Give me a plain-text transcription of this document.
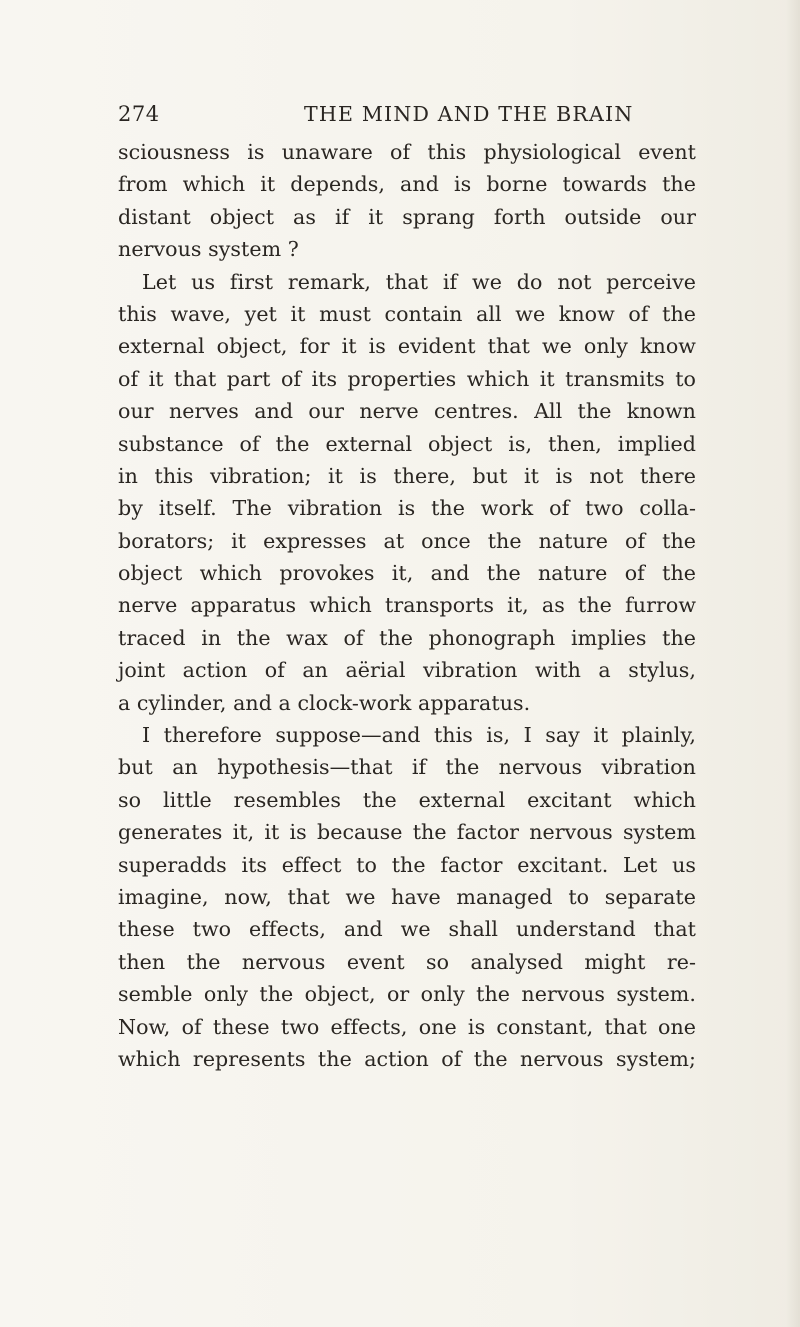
274	THE MIND AND THE BRAIN
sciousness is unaware of this physiological event
from which it depends, and is borne towards the
distant object as if it sprang forth outside our
nervous system ?
Let us first remark, that if we do not perceive
this wave, yet it must contain all we know of the
external object, for it is evident that we only know
of it that part of its properties which it transmits to
our nerves and our nerve centres. All the known
substance of the external object is, then, implied
in this vibration; it is there, but it is not there
by itself. The vibration is the work of two colla-
borators; it expresses at once the nature of the
object which provokes it, and the nature of the
nerve apparatus which transports it, as the furrow
traced in the wax of the phonograph implies the
joint action of an aërial vibration with a stylus,
a cylinder, and a clock-work apparatus.
I therefore suppose—and this is, I say it plainly,
but an hypothesis—that if the nervous vibration
so little resembles the external excitant which
generates it, it is because the factor nervous system
superadds its effect to the factor excitant. Let us
imagine, now, that we have managed to separate
these two effects, and we shall understand that
then the nervous event so analysed might re-
semble only the object, or only the nervous system.
Now, of these two effects, one is constant, that one
which represents the action of the nervous system;
